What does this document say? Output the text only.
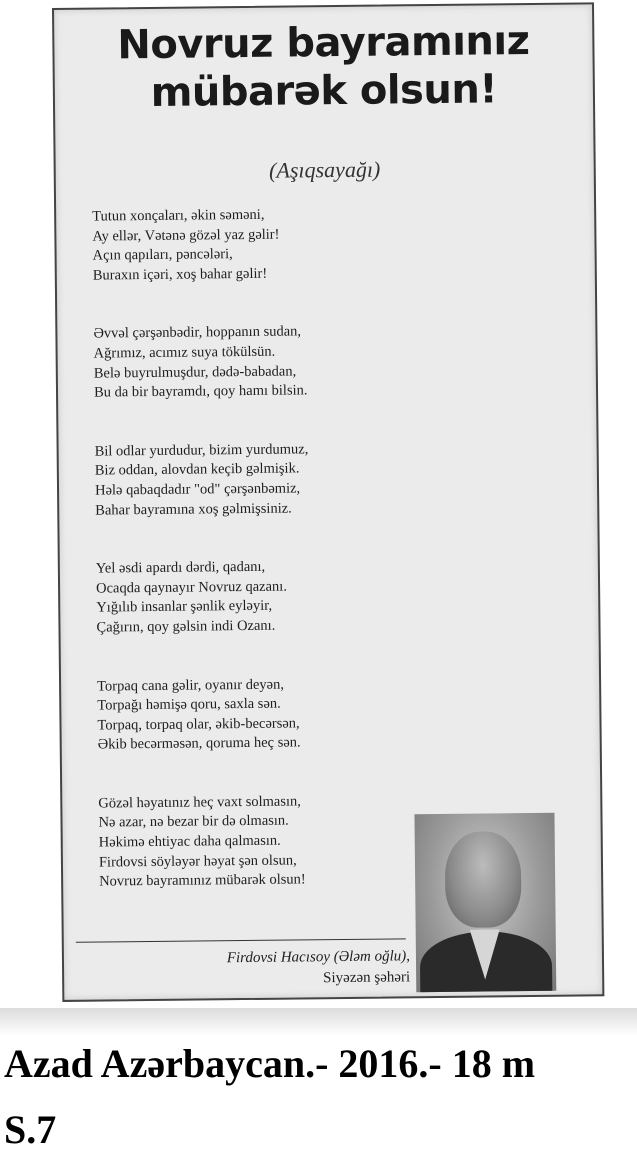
Novruz bayramınız
mübarək olsun!
(Aşıqsayağı)
Tutun xonçaları, əkin səməni,
Ay ellər, Vətənə gözəl yaz gəlir!
Açın qapıları, pəncələri,
Buraxın içəri, xoş bahar gəlir!
Əvvəl çərşənbədir, hoppanın sudan,
Ağrımız, acımız suya tökülsün.
Belə buyrulmuşdur, dədə-babadan,
Bu da bir bayramdı, qoy hamı bilsin.
Bil odlar yurdudur, bizim yurdumuz,
Biz oddan, alovdan keçib gəlmişik.
Hələ qabaqdadır "od" çərşənbəmiz,
Bahar bayramına xoş gəlmişsiniz.
Yel əsdi apardı dərdi, qadanı,
Ocaqda qaynayır Novruz qazanı.
Yığılıb insanlar şənlik eyləyir,
Çağırın, qoy gəlsin indi Ozanı.
Torpaq cana gəlir, oyanır deyən,
Torpağı həmişə qoru, saxla sən.
Torpaq, torpaq olar, əkib-becərsən,
Əkib becərməsən, qoruma heç sən.
Gözəl həyatınız heç vaxt solmasın,
Nə azar, nə bezar bir də olmasın.
Həkimə ehtiyac daha qalmasın.
Firdovsi söyləyər həyat şən olsun,
Novruz bayramınız mübarək olsun!
Firdovsi Hacısoy (Ələm oğlu),
Siyəzən şəhəri
Azad Azərbaycan.- 2016.- 18 m
S.7
